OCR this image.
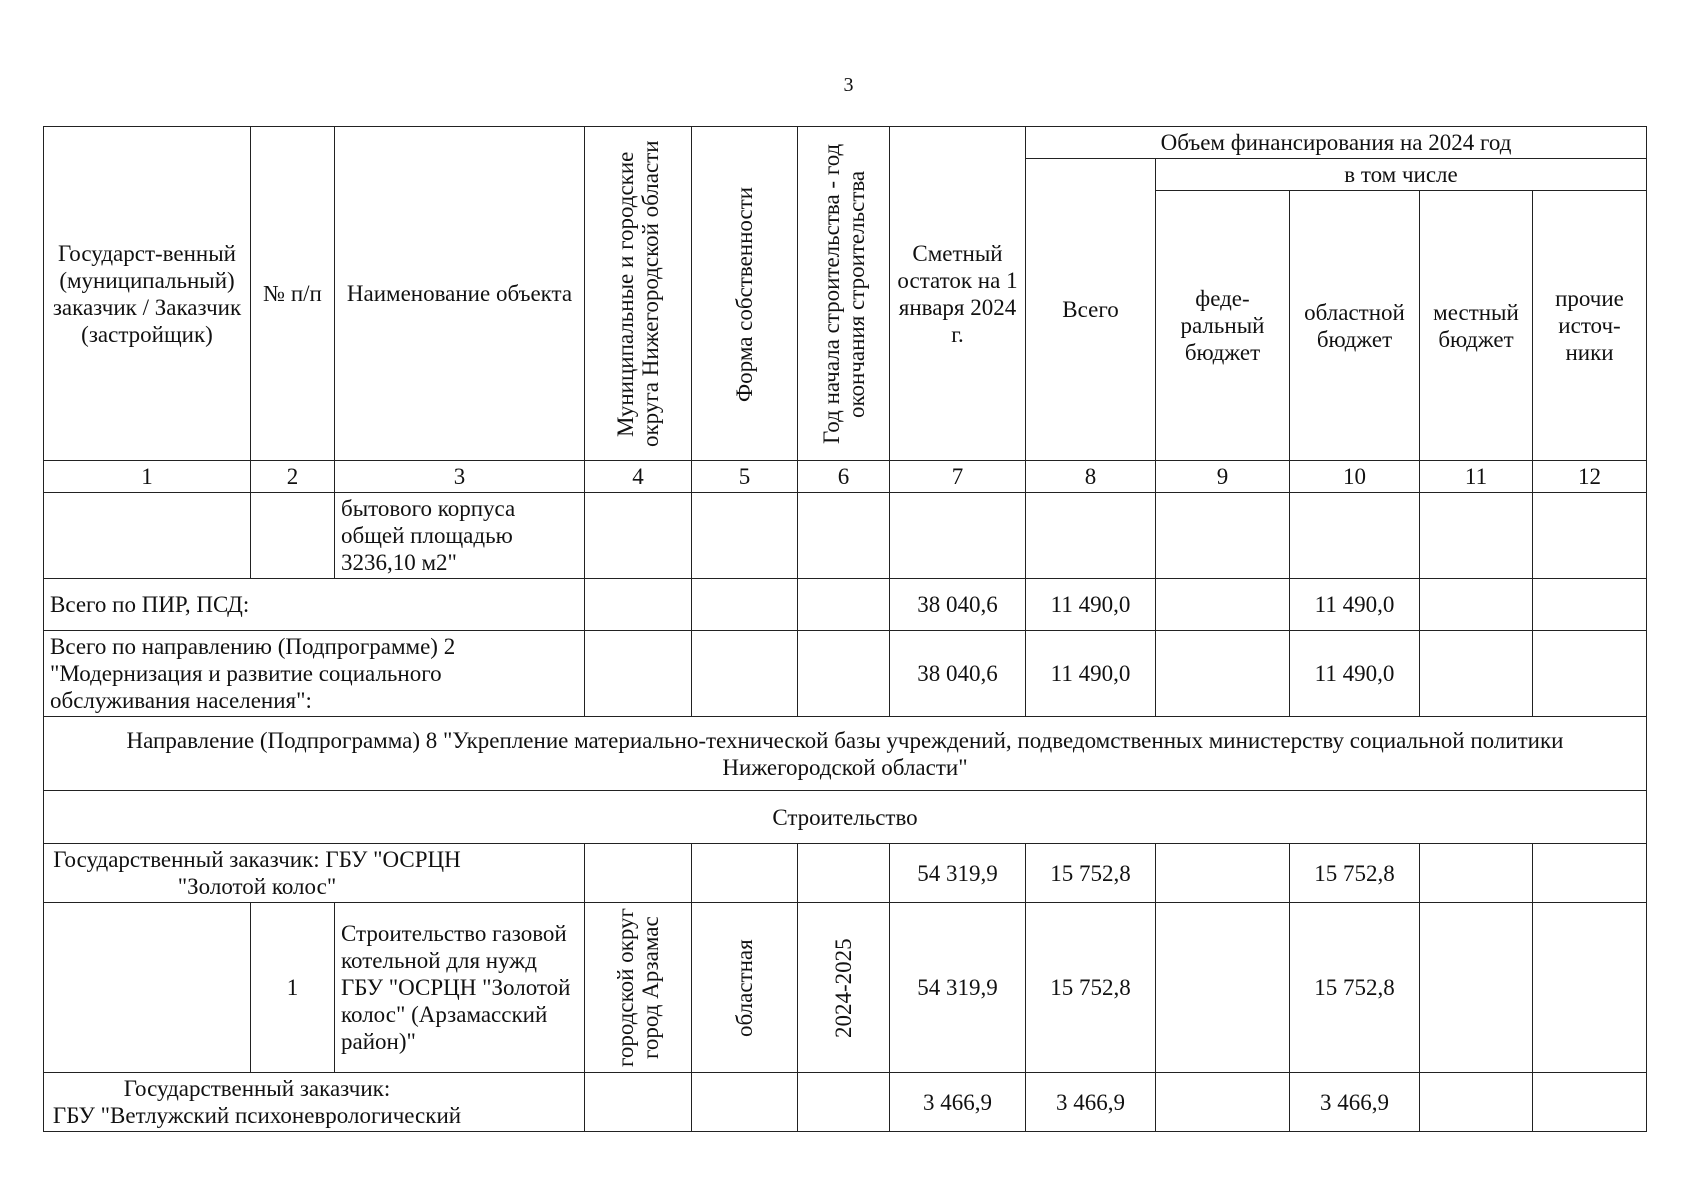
3
Государст-венный (муниципальный) заказчик / Заказчик (застройщик)	№ п/п	Наименование объекта	Муниципальные и городские округа Нижегородской области	Форма собственности	Год начала строительства - год окончания строительства	Сметный остаток на 1 января 2024 г.	Объем финансирования на 2024 год				
							Всего	в том числе			
								феде-ральный бюджет	областной бюджет	местный бюджет	прочие источ-ники
1	2	3	4	5	6	7	8	9	10	11	12
		бытового корпуса общей площадью 3236,10 м2"									
Всего по ПИР, ПСД:						38 040,6	11 490,0		11 490,0		
Всего по направлению (Подпрограмме) 2 "Модернизация и развитие социального обслуживания населения":						38 040,6	11 490,0		11 490,0		
Направление (Подпрограмма) 8 "Укрепление материально-технической базы учреждений, подведомственных министерству социальной политики Нижегородской области"											
Строительство											
Государственный заказчик: ГБУ "ОСРЦН "Золотой колос"						54 319,9	15 752,8		15 752,8		
	1	Строительство газовой котельной для нужд ГБУ "ОСРЦН "Золотой колос" (Арзамасский район)"	городской округ город Арзамас	областная	2024-2025	54 319,9	15 752,8		15 752,8		

Государственный заказчик:
ГБУ "Ветлужский психоневрологический						3 466,9	3 466,9		3 466,9		
